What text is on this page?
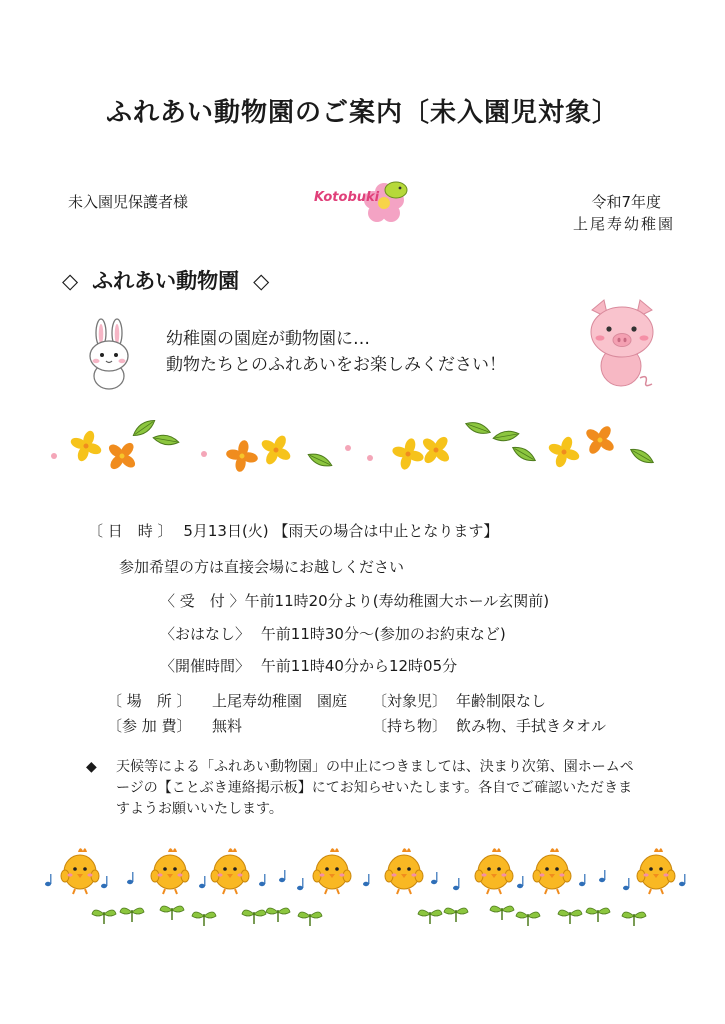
ふれあい動物園のご案内〔未入園児対象〕
未入園児保護者様	Kotobuki	令和7年度
上尾寿幼稚園
◇ ふれあい動物園 ◇
幼稚園の園庭が動物園に…
動物たちとのふれあいをお楽しみください！
〔 日　時 〕 5月13日(火) 【雨天の場合は中止となります】
参加希望の方は直接会場にお越しください
〈 受　付 〉午前11時20分より(寿幼稚園大ホール玄関前)
〈おはなし〉 午前11時30分～(参加のお約束など)
〈開催時間〉 午前11時40分から12時05分
〔 場　所 〕 上尾寿幼稚園　園庭 〔対象児〕 年齢制限なし
〔参 加 費〕 無料	〔持ち物〕 飲み物、手拭きタオル
◆	天候等による「ふれあい動物園」の中止につきましては、決まり次第、園ホームページの【ことぶき連絡掲示板】にてお知らせいたします。各自でご確認いただきますようお願いいたします。
